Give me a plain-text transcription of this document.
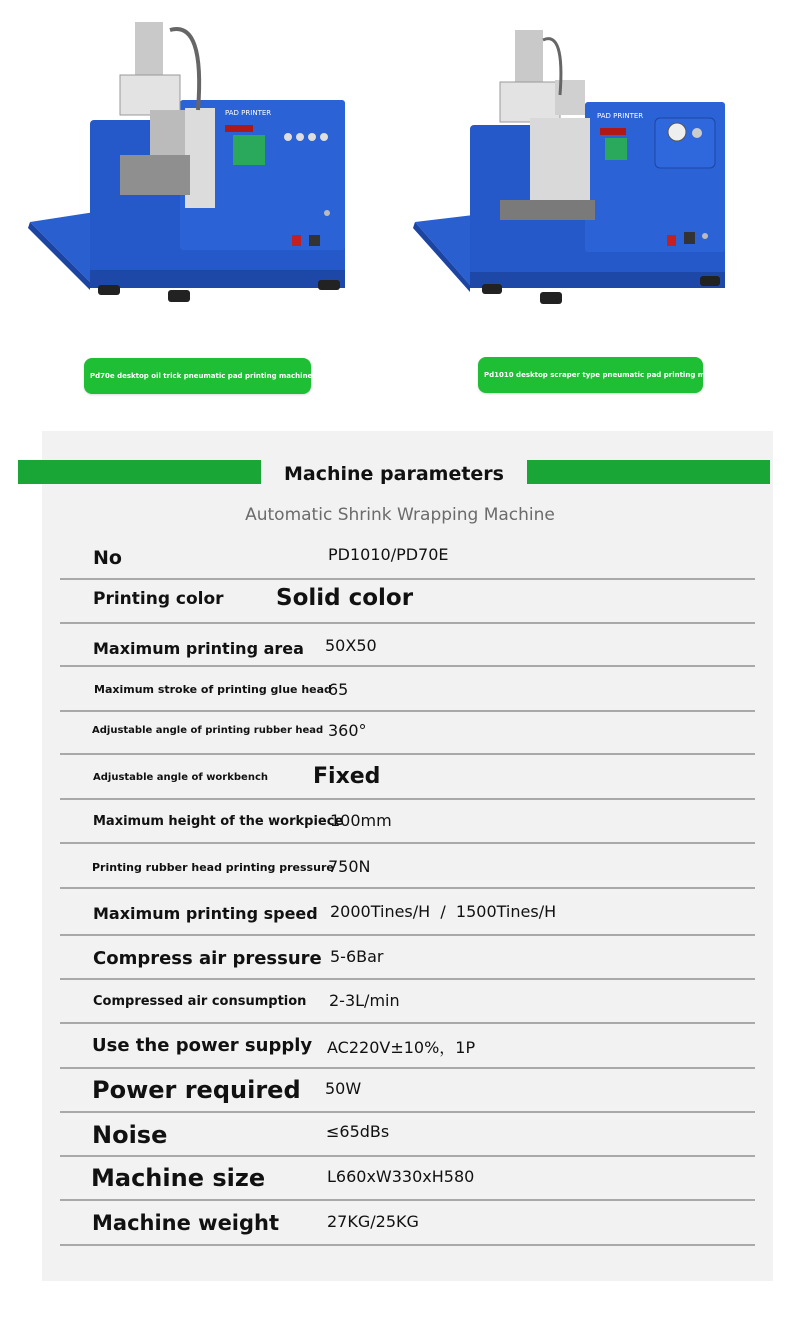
PAD PRINTER
Pd70e desktop oil trick pneumatic pad printing machine
PAD PRINTER
Pd1010 desktop scraper type pneumatic pad printing machine
Machine parameters
Automatic Shrink Wrapping Machine
No	PD1010/PD70E
Printing color Solid color
Maximum printing area 50X50
Maximum stroke of printing glue head
65
Adjustable angle of printing rubber head 360°
Adjustable angle of workbench Fixed
Maximum height of the workpiece
100mm
Printing rubber head printing pressure
750N
Maximum printing speed 2000Tines/H  /  1500Tines/H
Compress air pressure 5-6Bar
Compressed air consumption 2-3L/min
Use the power supply AC220V±10%，1P
Power required 50W
Noise	≤65dBs
Machine size	L660xW330xH580
Machine weight	27KG/25KG
